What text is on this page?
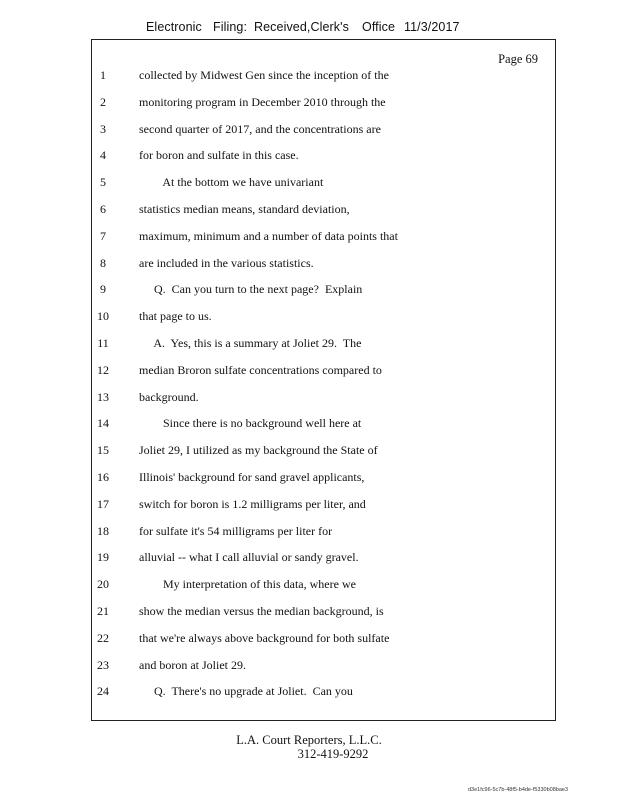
Electronic Filing: Received,Clerk's Office 11/3/2017
Page 69
1	collected by Midwest Gen since the inception of the
2	monitoring program in December 2010 through the
3	second quarter of 2017, and the concentrations are
4	for boron and sulfate in this case.
5	At the bottom we have univariant
6	statistics median means, standard deviation,
7	maximum, minimum and a number of data points that
8	are included in the various statistics.
9	Q.  Can you turn to the next page?  Explain
10	that page to us.
11	A.  Yes, this is a summary at Joliet 29.  The
12	median Broron sulfate concentrations compared to
13	background.
14	Since there is no background well here at
15	Joliet 29, I utilized as my background the State of
16	Illinois' background for sand gravel applicants,
17	switch for boron is 1.2 milligrams per liter, and
18	for sulfate it's 54 milligrams per liter for
19	alluvial -- what I call alluvial or sandy gravel.
20	My interpretation of this data, where we
21	show the median versus the median background, is
22	that we're always above background for both sulfate
23	and boron at Joliet 29.
24	Q.  There's no upgrade at Joliet.  Can you
L.A. Court Reporters, L.L.C.
312-419-9292
d3e1fc96-5c7b-48f5-b4de-f5330b08bae3
